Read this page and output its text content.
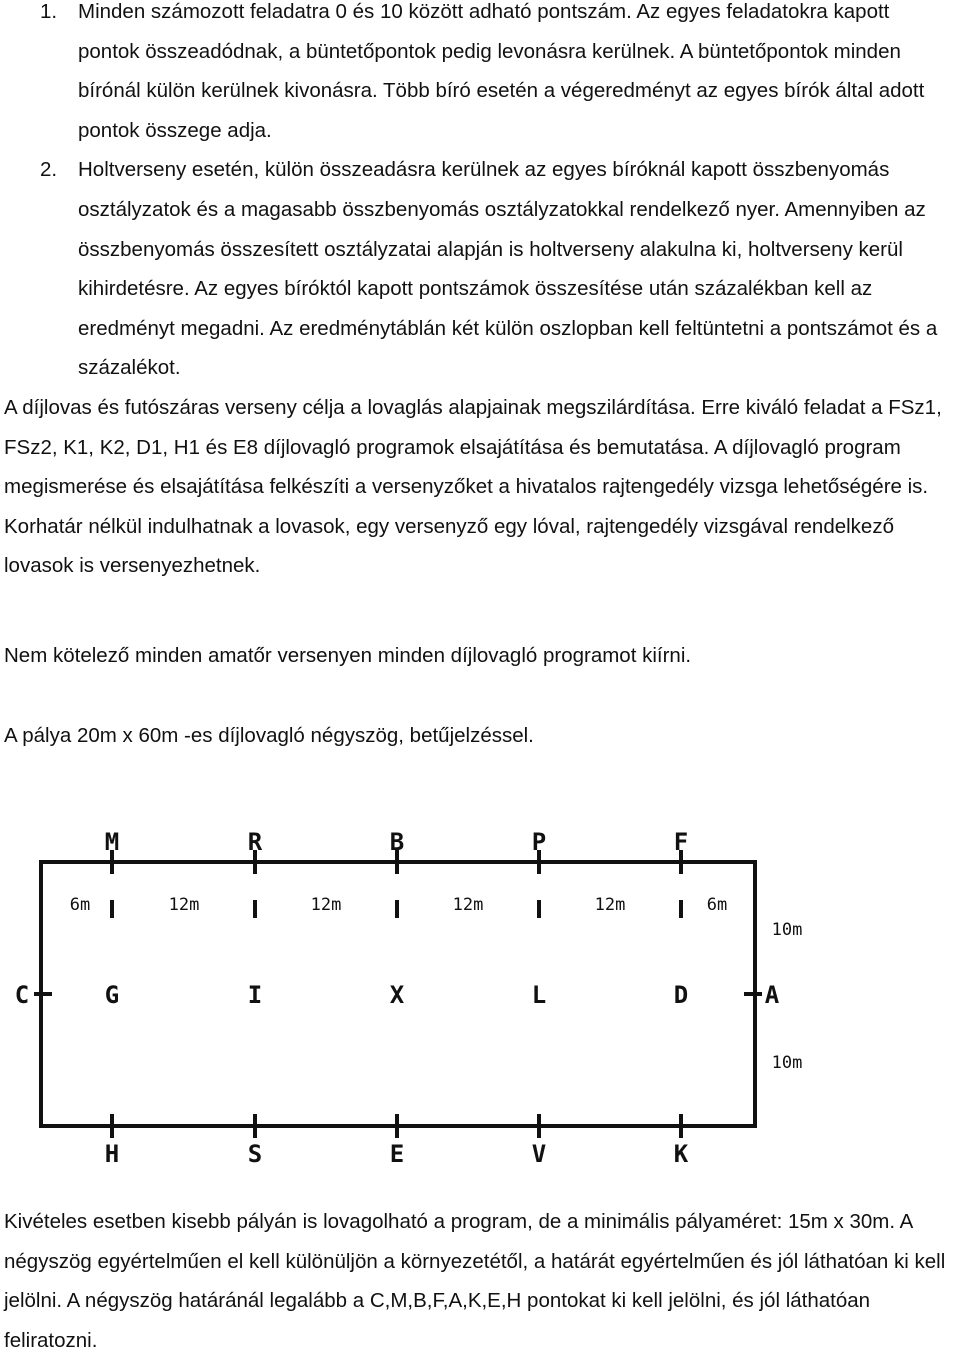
1. Minden számozott feladatra 0 és 10 között adható pontszám. Az egyes feladatokra kapott pontok összeadódnak, a büntetőpontok pedig levonásra kerülnek. A büntetőpontok minden bírónál külön kerülnek kivonásra. Több bíró esetén a végeredményt az egyes bírók által adott pontok összege adja.
2. Holtverseny esetén, külön összeadásra kerülnek az egyes bíróknál kapott összbenyomás osztályzatok és a magasabb összbenyomás osztályzatokkal rendelkező nyer. Amennyiben az összbenyomás összesített osztályzatai alapján is holtverseny alakulna ki, holtverseny kerül kihirdetésre. Az egyes bíróktól kapott pontszámok összesítése után százalékban kell az eredményt megadni. Az eredménytáblán két külön oszlopban kell feltüntetni a pontszámot és a százalékot.

A díjlovas és futószáras verseny célja a lovaglás alapjainak megszilárdítása. Erre kiváló feladat a FSz1, FSz2, K1, K2, D1, H1 és E8 díjlovagló programok elsajátítása és bemutatása. A díjlovagló program megismerése és elsajátítása felkészíti a versenyzőket a hivatalos rajtengedély vizsga lehetőségére is. Korhatár nélkül indulhatnak a lovasok, egy versenyző egy lóval, rajtengedély vizsgával rendelkező lovasok is versenyezhetnek.

Nem kötelező minden amatőr versenyen minden díjlovagló programot kiírni.

A pálya 20m x 60m -es díjlovagló négyszög, betűjelzéssel.

M	R	B	P	F
6m	12m	12m	12m	12m	6m
C	G	I	X	L	D	A
10m
10m
H	S	E	V	K

Kivételes esetben kisebb pályán is lovagolható a program, de a minimális pályaméret: 15m x 30m. A négyszög egyértelműen el kell különüljön a környezetétől, a határát egyértelműen és jól láthatóan ki kell jelölni. A négyszög határánál legalább a C,M,B,F,A,K,E,H pontokat ki kell jelölni, és jól láthatóan feliratozni.
